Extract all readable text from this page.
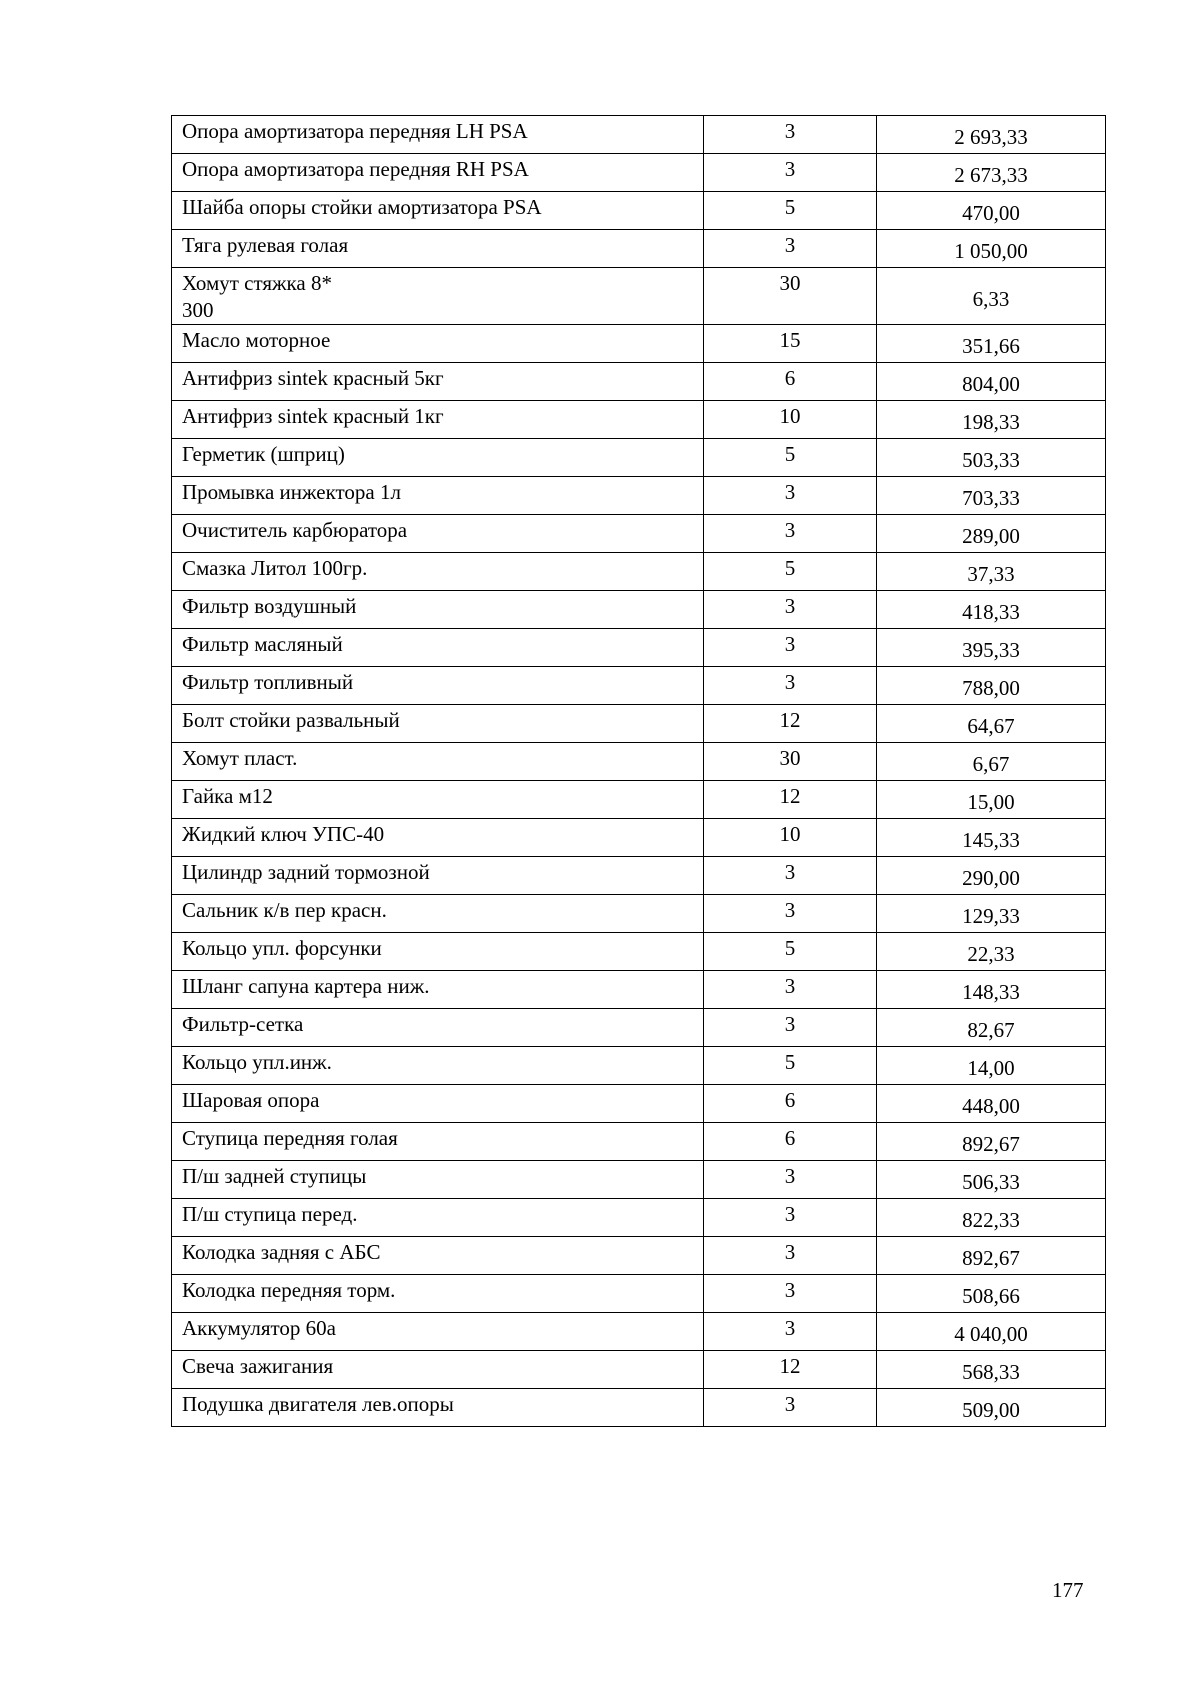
Опора амортизатора передняя LH PSA	3	2 693,33
Опора амортизатора передняя RH PSA	3	2 673,33
Шайба опоры стойки амортизатора PSA	5	470,00
Тяга рулевая голая	3	1 050,00
Хомут стяжка 8*
300	30	6,33
Масло моторное	15	351,66
Антифриз sintek красный 5кг	6	804,00
Антифриз sintek красный 1кг	10	198,33
Герметик (шприц)	5	503,33
Промывка инжектора 1л	3	703,33
Очиститель карбюратора	3	289,00
Смазка Литол 100гр.	5	37,33
Фильтр воздушный	3	418,33
Фильтр масляный	3	395,33
Фильтр топливный	3	788,00
Болт стойки развальный	12	64,67
Хомут пласт.	30	6,67
Гайка м12	12	15,00
Жидкий ключ УПС-40	10	145,33
Цилиндр задний тормозной	3	290,00
Сальник к/в пер красн.	3	129,33
Кольцо упл. форсунки	5	22,33
Шланг сапуна картера ниж.	3	148,33
Фильтр-сетка	3	82,67
Кольцо упл.инж.	5	14,00
Шаровая опора	6	448,00
Ступица передняя голая	6	892,67
П/ш задней ступицы	3	506,33
П/ш ступица перед.	3	822,33
Колодка задняя с АБС	3	892,67
Колодка передняя торм.	3	508,66
Аккумулятор 60а	3	4 040,00
Свеча зажигания	12	568,33
Подушка двигателя лев.опоры	3	509,00
177
